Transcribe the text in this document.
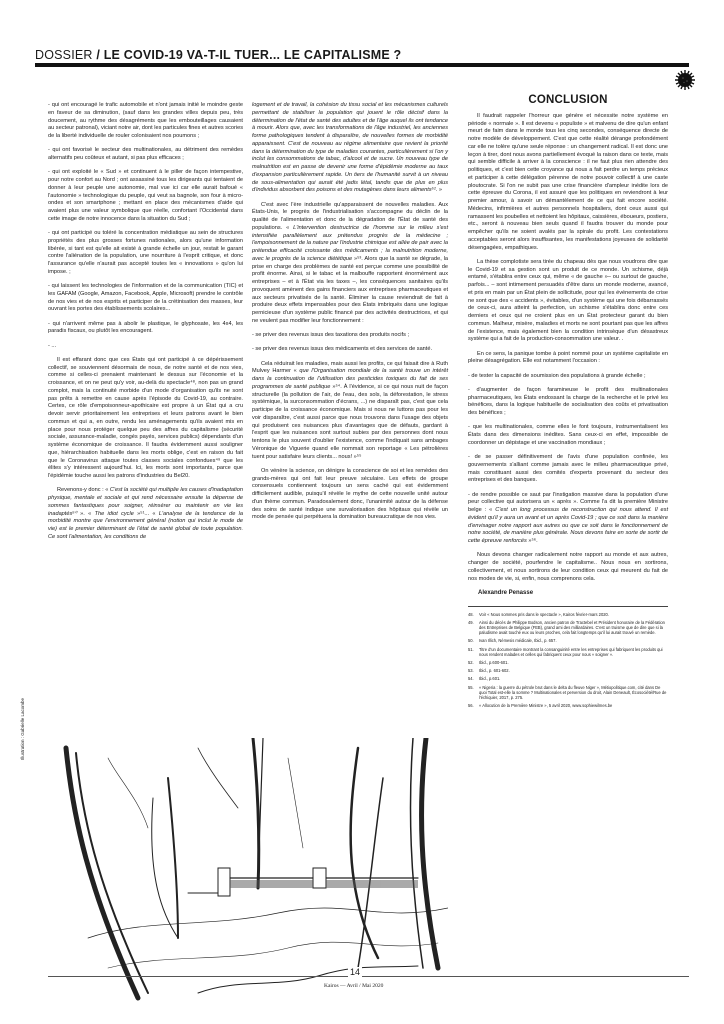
DOSSIER / LE COVID-19 VA-T-IL TUER... LE CAPITALISME ?

- qui ont encouragé le trafic automobile et n'ont jamais initié le moindre geste en faveur de sa diminution, (sauf dans les grandes villes depuis peu, très doucement, au rythme des désagréments que les embouteillages causaient au secteur patronal), viciant notre air, dont les particules fines et autres scories de la liberté individuelle de rouler colonisaient nos poumons ;

- qui ont favorisé le secteur des multinationales, au détriment des remèdes alternatifs peu coûteux et autant, si pas plus efficaces ;

- qui ont exploité le « Sud » et continuent à le piller de façon intempestive, pour notre confort au Nord ; ont assassiné tous les dirigeants qui tentaient de donner à leur peuple une autonomie, mal vue ici car elle aurait bafoué « l'autonomie » technologique du peuple, qui veut sa bagnole, son four à micro-ondes et son smartphone ; mettant en place des mécanismes d'aide qui avaient plus une valeur symbolique que réelle, confortant l'Occidental dans cette image de notre innocence dans la situation du Sud ;

- qui ont participé ou toléré la concentration médiatique au sein de structures propriétés des plus grosses fortunes nationales, alors qu'une information libérée, si tant est qu'elle ait existé à grande échelle un jour, restait le garant contre l'aliénation de la population, une nourriture à l'esprit critique, et donc l'assurance qu'elle n'aurait pas accepté toutes les « innovations » qu'on lui impose. ;

- qui laissent les technologies de l'information et de la communication (TIC) et les GAFAM (Google, Amazon, Facebook, Apple, Microsoft) prendre le contrôle de nos vies et de nos esprits et participer de la crétinisation des masses, leur ouvrant les portes des établissements scolaires...

- qui n'arrivent même pas à abolir le plastique, le glyphosate, les 4x4, les paradis fiscaux, ou plutôt les encouragent.

- ...

Il est effarant donc que ces États qui ont participé à ce dépérissement collectif, se souviennent désormais de nous, de notre santé et de nos vies, comme si celles-ci prenaient maintenant le dessus sur l'économie et la croissance, et on ne peut qu'y voir, au-delà du spectacle⁴⁸, non pas un grand complot, mais la continuité morbide d'un mode d'organisation qu'ils ne sont pas prêts à remettre en cause après l'épisode du Covid-19, au contraire. Certes, ce rôle d'empoisonneur-apothicaire est propre à un État qui a cru devoir servir prioritairement les entreprises et leurs patrons avant le bien commun et qui a, en outre, rendu les aménagements qu'ils avaient mis en place pour nous protéger quelque peu des affres du capitalisme (sécurité sociale, assurance-maladie, congés payés, services publics) dépendants d'un système économique de croissance. Il faudra évidemment aussi souligner que, hiérarchisation habituelle dans les morts oblige, c'est en raison du fait que le Coronavirus attaque toutes classes sociales confondues⁴⁹ que les élites s'y intéressent aujourd'hui. Ici, les morts sont importants, parce que l'épidémie touche aussi les patrons d'industries du Bel20.

Revenons-y donc : « C'est la société qui multiplie les causes d'inadaptation physique, mentale et sociale et qui rend nécessaire ensuite la dépense de sommes fantastiques pour soigner, réinsérer ou maintenir en vie les inadaptés⁵⁰ ». « The idiot cycle »⁵¹... « L'analyse de la tendance de la morbidité montre que l'environnement général (notion qui inclut le mode de vie) est le premier déterminant de l'état de santé global de toute population. Ce sont l'alimentation, les conditions de

logement et de travail, la cohésion du tissu social et les mécanismes culturels permettant de stabiliser la population qui jouent le rôle décisif dans la détermination de l'état de santé des adultes et de l'âge auquel ils ont tendance à mourir. Alors que, avec les transformations de l'âge industriel, les anciennes forme pathologiques tendent à disparaître, de nouvelles formes de morbidité apparaissent. C'est de nouveau au régime alimentaire que revient la priorité dans la détermination du type de maladies courantes, particulièrement si l'on y inclut les consommations de tabac, d'alcool et de sucre. Un nouveau type de malnutrition est en passe de devenir une forme d'épidémie moderne au taux d'expansion particulièrement rapide. Un tiers de l'humanité survit à un niveau de sous-alimentation qui aurait été jadis létal, tandis que de plus en plus d'individus absorbent des poisons et des mutagènes dans leurs aliments⁵². »

C'est avec l'ère industrielle qu'apparaissent de nouvelles maladies. Aux États-Unis, le progrès de l'industrialisation s'accompagne du déclin de la qualité de l'alimentation et donc de la dégradation de l'État de santé des populations. « L'intervention destructrice de l'homme sur le milieu s'est intensifiée parallèlement aux prétendus progrès de la médecine ; l'empoisonnement de la nature par l'industrie chimique est allée de pair avec la prétendue efficacité croissante des médicaments ; la malnutrition moderne, avec le progrès de la science diététique »⁵³. Alors que la santé se dégrade, la prise en charge des problèmes de santé est perçue comme une possibilité de profit énorme. Ainsi, si le tabac et la malbouffe rapportent énormément aux entreprises – et à l'État via les taxes –, les conséquences sanitaires qu'ils provoquent amènent des gains financiers aux entreprises pharmaceutiques et aux secteurs privatisés de la santé. Éliminer la cause reviendrait de fait à produire deux effets impensables pour des États imbriqués dans une logique pernicieuse d'un système public financé par des activités destructrices, et qui ne veulent pas modifier leur fonctionnement :

- se priver des revenus issus des taxations des produits nocifs ;

- se priver des revenus issus des médicaments et des services de santé.

Cela réduirait les maladies, mais aussi les profits, ce qui faisait dire à Ruth Mulvey Harmer « que l'Organisation mondiale de la santé trouve un intérêt dans la continuation de l'utilisation des pesticides toxiques du fait de ses programmes de santé publique »⁵⁴. À l'évidence, si ce qui nous nuit de façon structurelle (la pollution de l'air, de l'eau, des sols, la déforestation, le stress systémique, la surconsommation d'écrans, ...) ne disparaît pas, c'est que cela participe de la croissance économique. Mais si nous ne luttons pas pour les voir disparaître, c'est aussi parce que nous trouvons dans l'usage des objets qui produisent ces nuisances plus d'avantages que de défauts, gardant à l'esprit que les nuisances sont surtout subies par des personnes dont nous tentons le plus souvent d'oublier l'existence, comme l'indiquait sans ambages Véronique de Viguerie quand elle nommait son reportage « Les pétrolières tuent pour satisfaire leurs clients... nous! »⁵⁵

On vénère la science, on dénigre la conscience de soi et les remèdes des grands-mères qui ont fait leur preuve séculaire. Les effets de groupe consensuels contiennent toujours un sens caché qui est évidemment difficilement audible, puisqu'il révèle le mythe de cette nouvelle unité autour d'un thème commun. Paradoxalement donc, l'unanimité autour de la défense des soins de santé indique une survalorisation des hôpitaux qui révèle un mode de pensée qui perpétuera la domination bureaucratique de nos vies.

CONCLUSION

Il faudrait rappeler l'horreur que génère et nécessite notre système en période « normale ». Il est devenu « populiste » et malvenu de dire qu'un enfant meurt de faim dans le monde tous les cinq secondes, conséquence directe de notre modèle de développement. C'est que cette réalité dérange profondément car elle ne tolère qu'une seule réponse : un changement radical. Il est donc une leçon à tirer, dont nous avons partiellement évoqué la raison dans ce texte, mais qui semble difficile à arriver à la conscience : il ne faut plus rien attendre des politiques, et c'est bien cette croyance qui nous a fait perdre un temps précieux et participer à cette délégation pérenne de notre pouvoir collectif à une caste ploutocrate. Si l'on ne subit pas une crise financière d'ampleur inédite lors de cette épreuve du Corona, il est assuré que les politiques en reviendront à leur premier amour, à savoir un démantèlement de ce qui fait encore société. Médecins, infirmières et autres personnels hospitaliers, dont ceux aussi qui ramassent les poubelles et nettoient les hôpitaux, caissières, éboueurs, postiers, etc., seront à nouveau bien seuls quand il faudra trouver du monde pour empêcher qu'ils ne soient avalés par la spirale du profit. Les contestations acceptables seront alors insuffisantes, les manifestations joyeuses de solidarité désengagées, empathiques.

La thèse complotiste sera tirée du chapeau dès que nous voudrons dire que le Covid-19 et sa gestion sont un produit de ce monde. Un schisme, déjà entamé, s'établira entre ceux qui, même « de gauche »– ou surtout de gauche, parfois... – sont intimement persuadés d'être dans un monde moderne, avancé, et pris en main par un État plein de sollicitude, pour qui les événements de crise ne sont que des « accidents », évitables, d'un système qui une fois débarrassés de ceux-ci, aura atteint la perfection, un schisme s'établira donc entre ces derniers et ceux qui ne croient plus en un État protecteur garant du bien commun. Malheur, misère, maladies et morts ne sont pourtant pas que les affres de l'existence, mais également bien la condition intrinsèque d'un désastreux système qui a fait de la production-consommation une valeur. .

En ce sens, la panique tombe à point nommé pour un système capitaliste en pleine désagrégation. Elle est notamment l'occasion :

- de tester la capacité de soumission des populations à grande échelle ;

- d'augmenter de façon faramineuse le profit des multinationales pharmaceutiques, les États endossant la charge de la recherche et le privé les bénéfices, dans la logique habituelle de socialisation des coûts et privatisation des bénéfices ;

- que les multinationales, comme elles le font toujours, instrumentalisent les États dans des dimensions inédites. Sans ceux-ci en effet, impossible de coordonner un dépistage et une vaccination mondiaux ;

- de se passer définitivement de l'avis d'une population confinée, les gouvernements s'alliant comme jamais avec le milieu pharmaceutique privé, mais constituant aussi des comités d'experts provenant du secteur des entreprises et des banques.

- de rendre possible ce saut par l'instigation massive dans la population d'une peur collective qui autorisera un « après ». Comme l'a dit la première Ministre belge : « C'est un long processus de reconstruction qui nous attend. Il est évident qu'il y aura un avant et un après Covid-19 ; que ce soit dans la manière d'envisager notre rapport aux autres ou que ce soit dans le fonctionnement de notre société, de manière plus générale. Nous devons faire en sorte de sortir de cette épreuve renforcés »⁵⁶.

Nous devons changer radicalement notre rapport au monde et aux autres, changer de société, pourfendre le capitalisme.. Nous nous en sortirons, collectivement, et nous sortirons de leur condition ceux qui meurent du fait de nos modes de vie, si, enfin, nous comprenons cela.

Alexandre Penasse
48.	Voir « Nous sommes pris dans le spectacle », Kairos février-mars 2020.
49.	Ainsi du décès de Philippe Bodson, ancien patron de Tractebel et Président honoraire de la Fédération des Entreprises de Belgique (FEB), grand ami des milliardaires. C'est un truisme que de dire que si la paludisme avait touché eux ou leurs proches, cela fait longtemps qu'il lui aurait trouvé un remède.
50.	Ivan Illich, Némesis médicale, Ibid., p. 657.
51.	Titre d'un documentaire montrant la consanguinité entre les entreprises qui fabriquent les produits qui nous rendent malades et celles qui fabriquent ceux pour nous « soigner ».
52.	Ibid., p.600-601.
53.	Ibid., p. 601-602.
54.	Ibid., p.601.
55.	« Nigeria : la guerre du pétrole brut dans le delta du fleuve Niger », Métiopolitique.com, cité dans De quoi Total est-elle la somme ? Multinationales et perversion du droit, Alain Deneault, Écosociété/Rue de l'échiquier, 2017, p. 275.
56.	« Allocution de la Première Ministre », 5 avril 2020, www.sophiewilmes.be
Illustration : Gabrielle Lacombe
14
Kairos — Avril / Mai 2020
